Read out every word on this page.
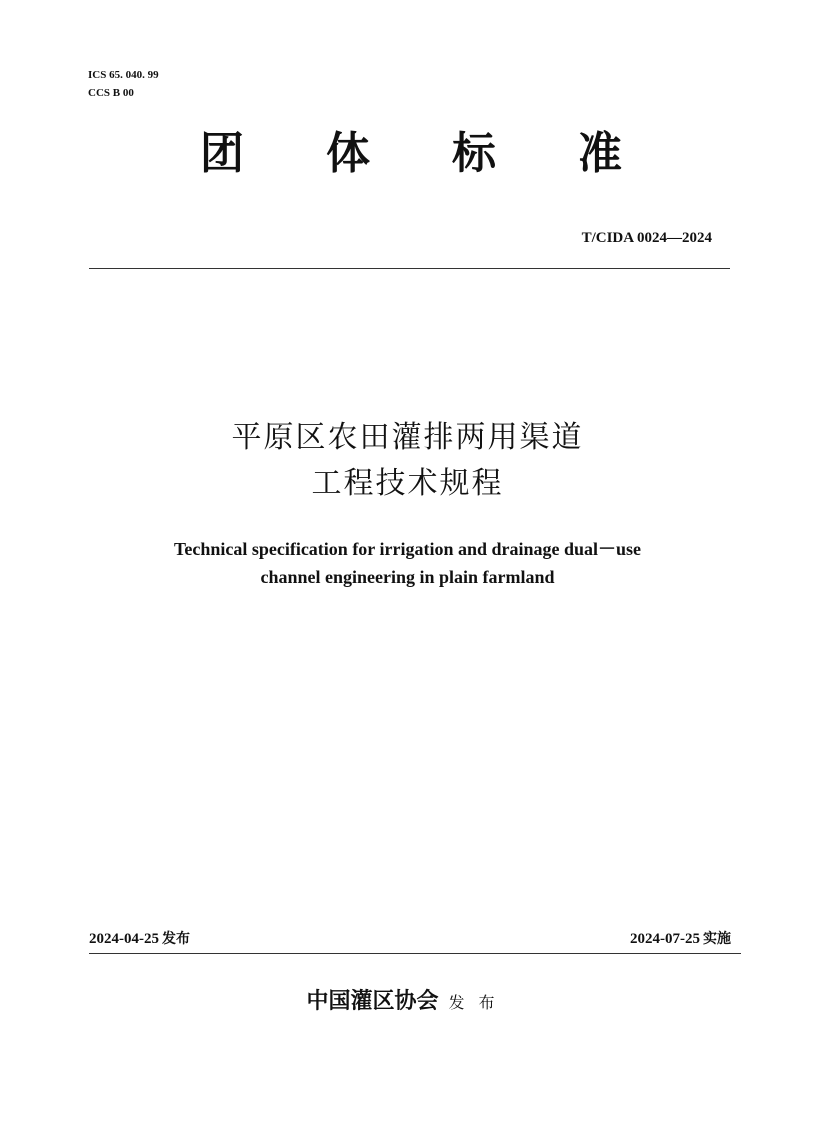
ICS 65. 040. 99
CCS B 00
团 体 标 准
T/CIDA 0024—2024
平原区农田灌排两用渠道
工程技术规程
Technical specification for irrigation and drainage dual－use
channel engineering in plain farmland
2024-04-25 发布	2024-07-25 实施
中国灌区协会 发布
